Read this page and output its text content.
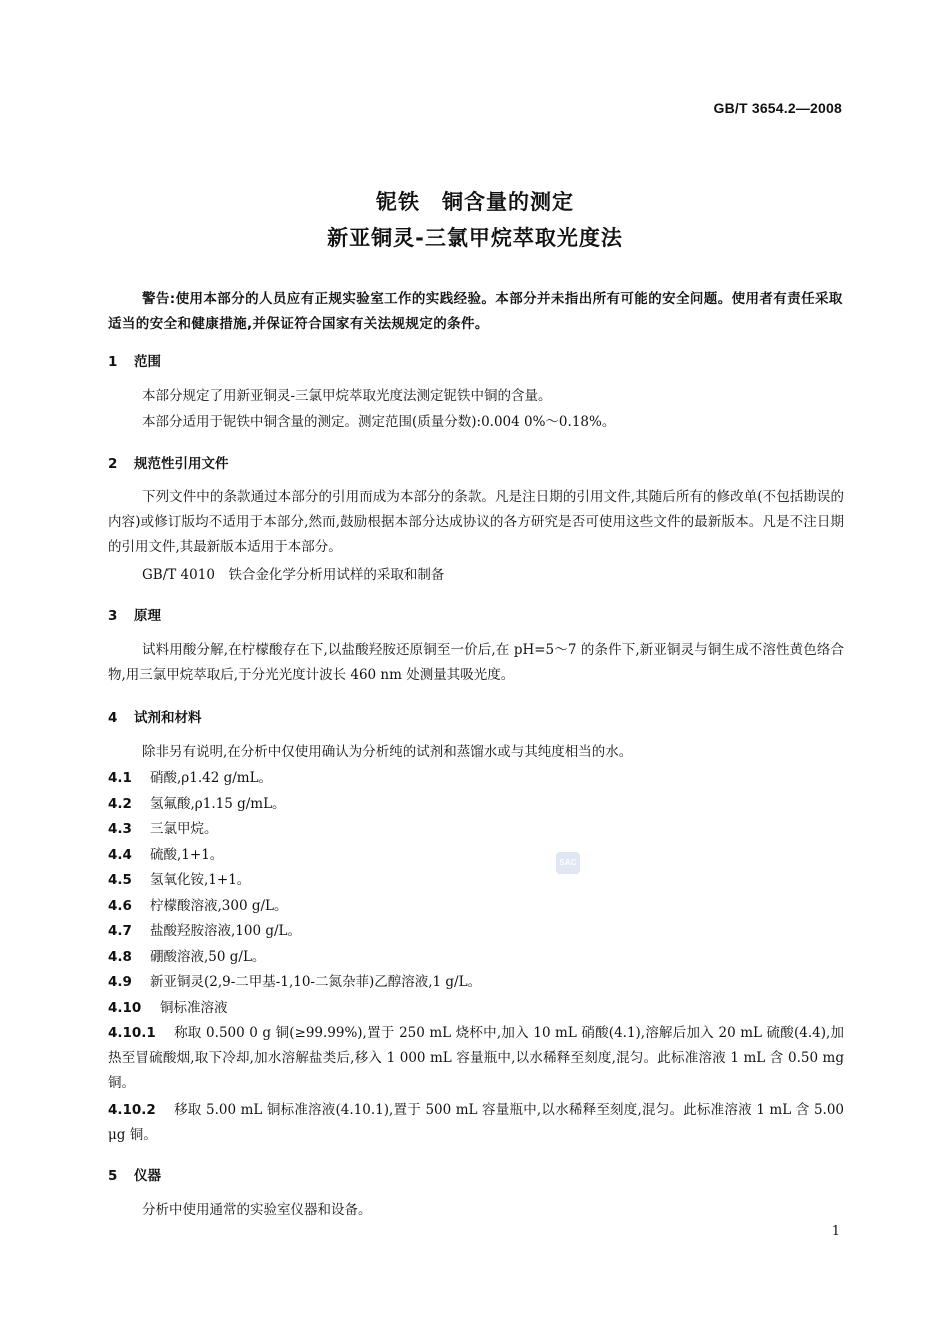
GB/T 3654.2—2008
铌铁　铜含量的测定
新亚铜灵-三氯甲烷萃取光度法
警告:使用本部分的人员应有正规实验室工作的实践经验。本部分并未指出所有可能的安全问题。使用者有责任采取适当的安全和健康措施,并保证符合国家有关法规规定的条件。
1 范围
本部分规定了用新亚铜灵-三氯甲烷萃取光度法测定铌铁中铜的含量。
本部分适用于铌铁中铜含量的测定。测定范围(质量分数):0.004 0%～0.18%。
2 规范性引用文件
下列文件中的条款通过本部分的引用而成为本部分的条款。凡是注日期的引用文件,其随后所有的修改单(不包括勘误的内容)或修订版均不适用于本部分,然而,鼓励根据本部分达成协议的各方研究是否可使用这些文件的最新版本。凡是不注日期的引用文件,其最新版本适用于本部分。
GB/T 4010　铁合金化学分析用试样的采取和制备
3 原理
试料用酸分解,在柠檬酸存在下,以盐酸羟胺还原铜至一价后,在 pH=5～7 的条件下,新亚铜灵与铜生成不溶性黄色络合物,用三氯甲烷萃取后,于分光光度计波长 460 nm 处测量其吸光度。
4 试剂和材料
除非另有说明,在分析中仅使用确认为分析纯的试剂和蒸馏水或与其纯度相当的水。
4.1 硝酸,ρ1.42 g/mL。
4.2 氢氟酸,ρ1.15 g/mL。
4.3 三氯甲烷。
4.4 硫酸,1+1。
4.5 氢氧化铵,1+1。
4.6 柠檬酸溶液,300 g/L。
4.7 盐酸羟胺溶液,100 g/L。
4.8 硼酸溶液,50 g/L。
4.9 新亚铜灵(2,9-二甲基-1,10-二氮杂菲)乙醇溶液,1 g/L。
4.10 铜标准溶液
4.10.1 称取 0.500 0 g 铜(≥99.99%),置于 250 mL 烧杯中,加入 10 mL 硝酸(4.1),溶解后加入 20 mL 硫酸(4.4),加热至冒硫酸烟,取下冷却,加水溶解盐类后,移入 1 000 mL 容量瓶中,以水稀释至刻度,混匀。此标准溶液 1 mL 含 0.50 mg 铜。
4.10.2 移取 5.00 mL 铜标准溶液(4.10.1),置于 500 mL 容量瓶中,以水稀释至刻度,混匀。此标准溶液 1 mL 含 5.00 μg 铜。
5 仪器
分析中使用通常的实验室仪器和设备。
SAC
1
